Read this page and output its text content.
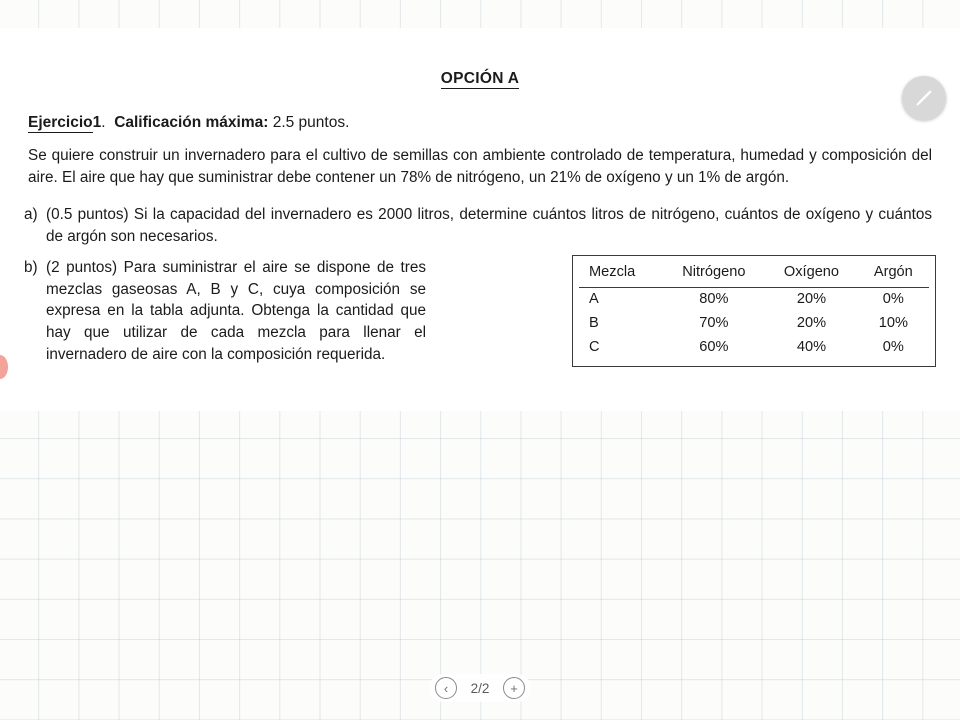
OPCIÓN A
Ejercicio1. Calificación máxima: 2.5 puntos.
Se quiere construir un invernadero para el cultivo de semillas con ambiente controlado de temperatura, humedad y composición del aire. El aire que hay que suministrar debe contener un 78% de nitrógeno, un 21% de oxígeno y un 1% de argón.
a) (0.5 puntos) Si la capacidad del invernadero es 2000 litros, determine cuántos litros de nitrógeno, cuántos de oxígeno y cuántos de argón son necesarios.
b) (2 puntos) Para suministrar el aire se dispone de tres mezclas gaseosas A, B y C, cuya composición se expresa en la tabla adjunta. Obtenga la cantidad que hay que utilizar de cada mezcla para llenar el invernadero de aire con la composición requerida.
Mezcla	Nitrógeno	Oxígeno	Argón
A	80%	20%	0%
B	70%	20%	10%
C	60%	40%	0%
‹	2/2	+
